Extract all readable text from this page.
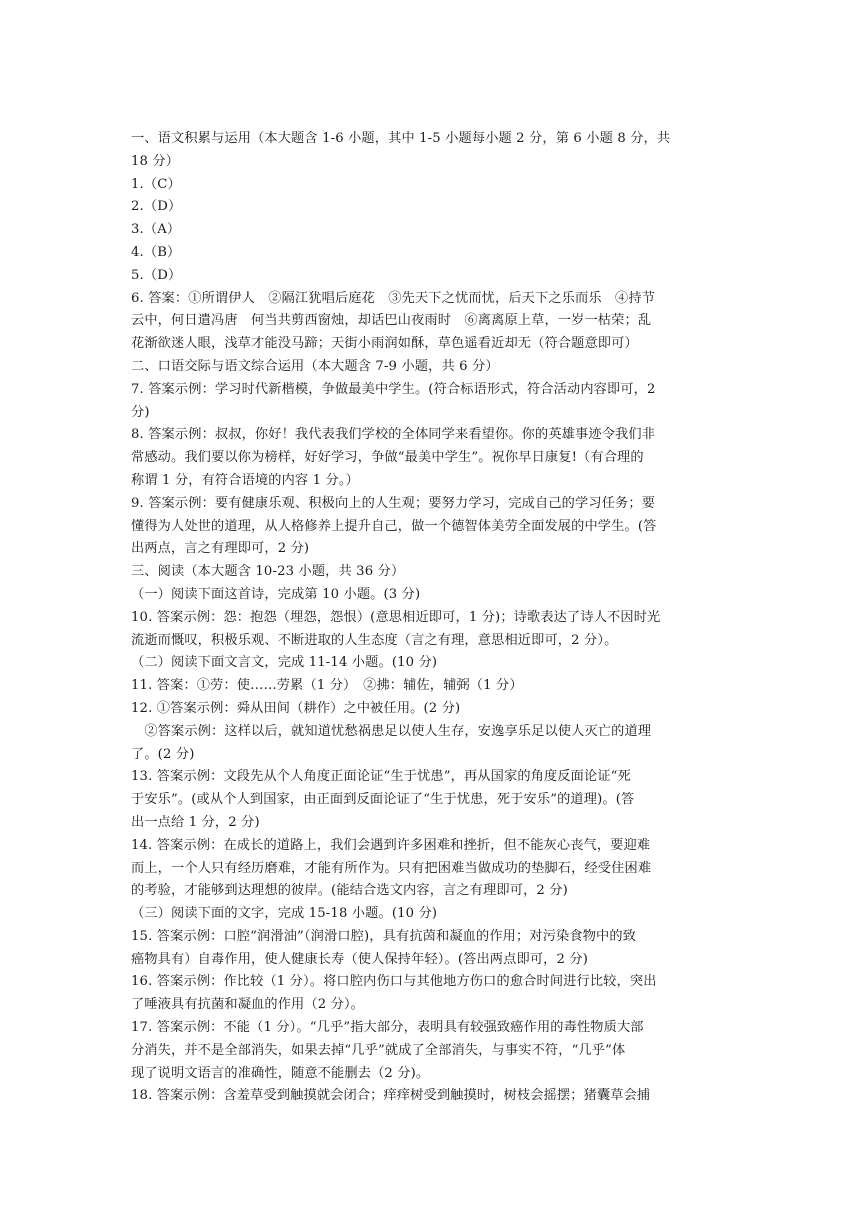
一、语文积累与运用（本大题含 1-6 小题，其中 1-5 小题每小题 2 分，第 6 小题 8 分，共
18 分）
1.（C）
2.（D）
3.（A）
4.（B）
5.（D）
6. 答案：①所谓伊人　②隔江犹唱后庭花　③先天下之忧而忧，后天下之乐而乐　④持节
云中，何日遣冯唐　何当共剪西窗烛，却话巴山夜雨时　⑥离离原上草，一岁一枯荣；乱
花渐欲迷人眼，浅草才能没马蹄；天街小雨润如酥，草色遥看近却无（符合题意即可）
二、口语交际与语文综合运用（本大题含 7-9 小题，共 6 分）
7. 答案示例：学习时代新楷模，争做最美中学生。(符合标语形式，符合活动内容即可，2
分)
8. 答案示例：叔叔，你好！我代表我们学校的全体同学来看望你。你的英雄事迹令我们非
常感动。我们要以你为榜样，好好学习，争做“最美中学生”。祝你早日康复!（有合理的
称谓 1 分，有符合语境的内容 1 分。）
9. 答案示例：要有健康乐观、积极向上的人生观；要努力学习，完成自己的学习任务；要
懂得为人处世的道理，从人格修养上提升自己，做一个德智体美劳全面发展的中学生。(答
出两点，言之有理即可，2 分)
三、阅读（本大题含 10-23 小题，共 36 分）
（一）阅读下面这首诗，完成第 10 小题。(3 分)
10. 答案示例：怨：抱怨（埋怨，怨恨）(意思相近即可，1 分)；诗歌表达了诗人不因时光
流逝而慨叹，积极乐观、不断进取的人生态度（言之有理，意思相近即可，2 分）。
（二）阅读下面文言文，完成 11-14 小题。(10 分)
11. 答案：①劳：使……劳累（1 分）　②拂：辅佐，辅弼（1 分）
12. ①答案示例：舜从田间（耕作）之中被任用。(2 分)
　②答案示例：这样以后，就知道忧愁祸患足以使人生存，安逸享乐足以使人灭亡的道理
了。(2 分)
13. 答案示例：文段先从个人角度正面论证“生于忧患”，再从国家的角度反面论证“死
于安乐”。(或从个人到国家，由正面到反面论证了“生于忧患，死于安乐”的道理)。(答
出一点给 1 分，2 分)
14. 答案示例：在成长的道路上，我们会遇到许多困难和挫折，但不能灰心丧气，要迎难
而上，一个人只有经历磨难，才能有所作为。只有把困难当做成功的垫脚石，经受住困难
的考验，才能够到达理想的彼岸。(能结合选文内容，言之有理即可，2 分)
（三）阅读下面的文字，完成 15-18 小题。(10 分)
15. 答案示例：口腔“润滑油”（润滑口腔)，具有抗茵和凝血的作用；对污染食物中的致
癌物具有）自毒作用，使人健康长寿（使人保持年轻）。(答出两点即可，2 分)
16. 答案示例：作比较（1 分）。将口腔内伤口与其他地方伤口的愈合时间进行比较，突出
了唾液具有抗菌和凝血的作用（2 分）。
17. 答案示例：不能（1 分）。“几乎”指大部分，表明具有较强致癌作用的毒性物质大部
分消失，并不是全部消失，如果去掉“几乎”就成了全部消失，与事实不符，“几乎”体
现了说明文语言的准确性，随意不能删去（2 分)。
18. 答案示例：含羞草受到触摸就会闭合；痒痒树受到触摸时，树枝会摇摆；猪囊草会捕
